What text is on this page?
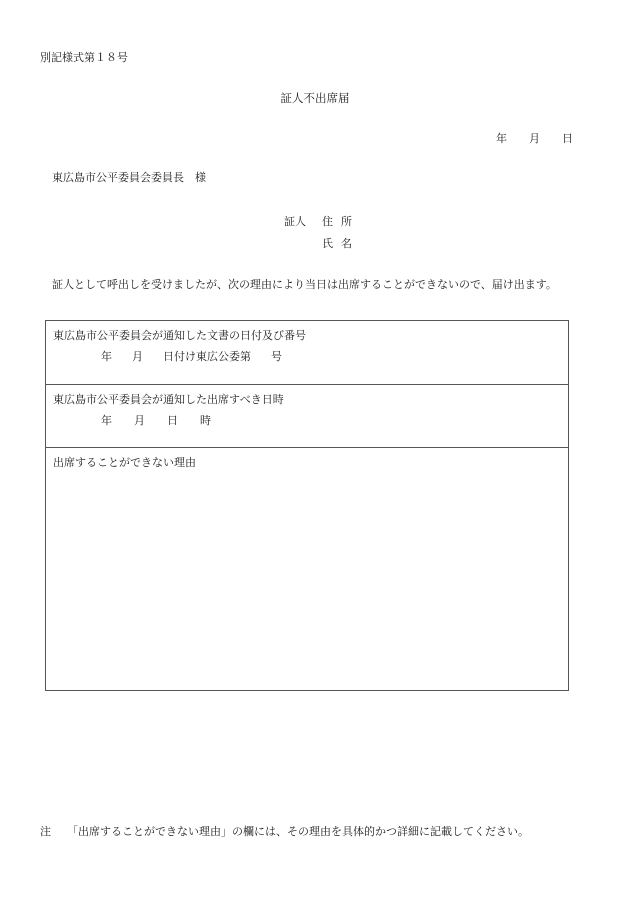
別記様式第１８号
証人不出席届
年 月 日
東広島市公平委員会委員長　様
証人 住 所
氏 名
証人として呼出しを受けましたが、次の理由により当日は出席することができないので、届け出ます。
東広島市公平委員会が通知した文書の日付及び番号
年 月 日付け東広公委第 号
東広島市公平委員会が通知した出席すべき日時
年 月 日 時
出席することができない理由
注 「出席することができない理由」の欄には、その理由を具体的かつ詳細に記載してください。
